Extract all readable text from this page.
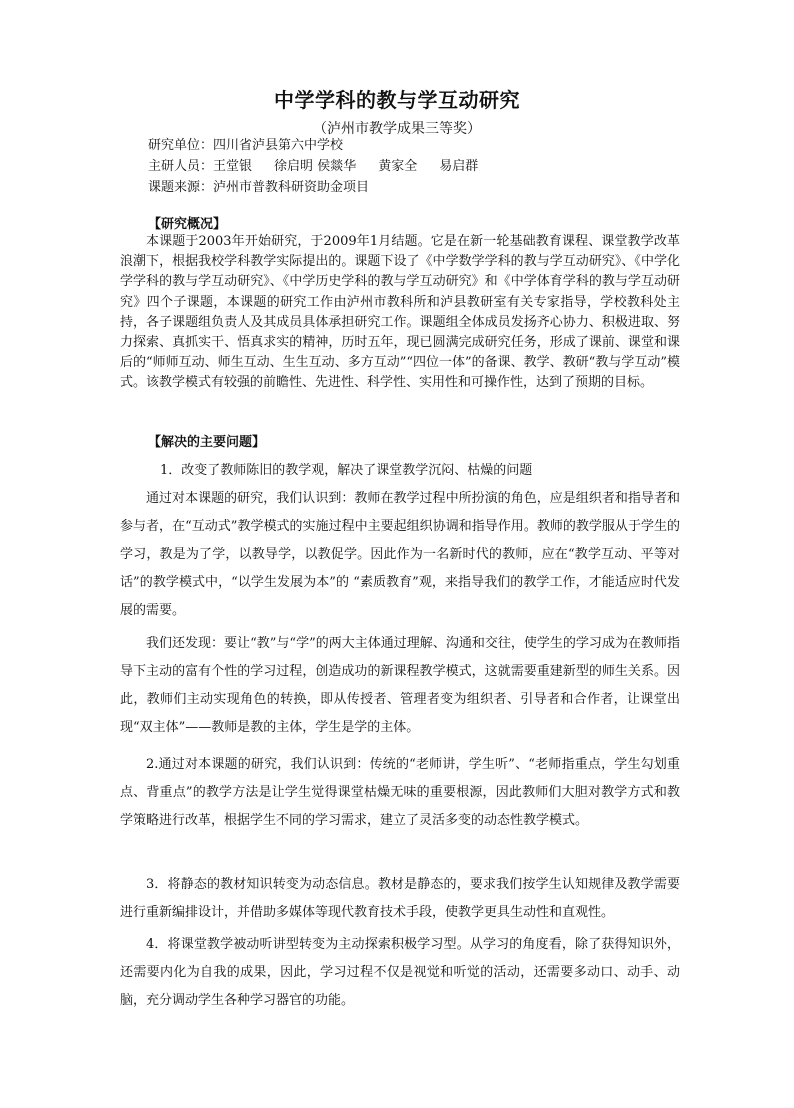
中学学科的教与学互动研究
（泸州市教学成果三等奖）
研究单位：四川省泸县第六中学校
主研人员：王堂银 徐启明 侯燚华 黄家全 易启群
课题来源：泸州市普教科研资助金项目
【研究概况】

本课题于2003年开始研究，于2009年1月结题。它是在新一轮基础教育课程、课堂教学改革浪潮下，根据我校学科教学实际提出的。课题下设了《中学数学学科的教与学互动研究》、《中学化学学科的教与学互动研究》、《中学历史学科的教与学互动研究》和《中学体育学科的教与学互动研究》四个子课题，本课题的研究工作由泸州市教科所和泸县教研室有关专家指导，学校教科处主持，各子课题组负责人及其成员具体承担研究工作。课题组全体成员发扬齐心协力、积极进取、努力探索、真抓实干、悟真求实的精神，历时五年，现已圆满完成研究任务，形成了课前、课堂和课后的“师师互动、师生互动、生生互动、多方互动”“四位一体”的备课、教学、教研“教与学互动”模式。该教学模式有较强的前瞻性、先进性、科学性、实用性和可操作性，达到了预期的目标。

【解决的主要问题】

1．改变了教师陈旧的教学观，解决了课堂教学沉闷、枯燥的问题

通过对本课题的研究，我们认识到：教师在教学过程中所扮演的角色，应是组织者和指导者和参与者，在“互动式”教学模式的实施过程中主要起组织协调和指导作用。教师的教学服从于学生的学习，教是为了学，以教导学，以教促学。因此作为一名新时代的教师，应在“教学互动、平等对话”的教学模式中，“以学生发展为本”的 “素质教育”观，来指导我们的教学工作，才能适应时代发展的需要。

我们还发现：要让“教”与“学”的两大主体通过理解、沟通和交往，使学生的学习成为在教师指导下主动的富有个性的学习过程，创造成功的新课程教学模式，这就需要重建新型的师生关系。因此，教师们主动实现角色的转换，即从传授者、管理者变为组织者、引导者和合作者，让课堂出现“双主体”——教师是教的主体，学生是学的主体。

2.通过对本课题的研究，我们认识到：传统的“老师讲，学生听”、“老师指重点，学生勾划重点、背重点”的教学方法是让学生觉得课堂枯燥无味的重要根源，因此教师们大胆对教学方式和教学策略进行改革，根据学生不同的学习需求，建立了灵活多变的动态性教学模式。

3．将静态的教材知识转变为动态信息。教材是静态的，要求我们按学生认知规律及教学需要进行重新编排设计，并借助多媒体等现代教育技术手段，使教学更具生动性和直观性。

4．将课堂教学被动听讲型转变为主动探索积极学习型。从学习的角度看，除了获得知识外，还需要内化为自我的成果，因此，学习过程不仅是视觉和听觉的活动，还需要多动口、动手、动脑，充分调动学生各种学习器官的功能。
